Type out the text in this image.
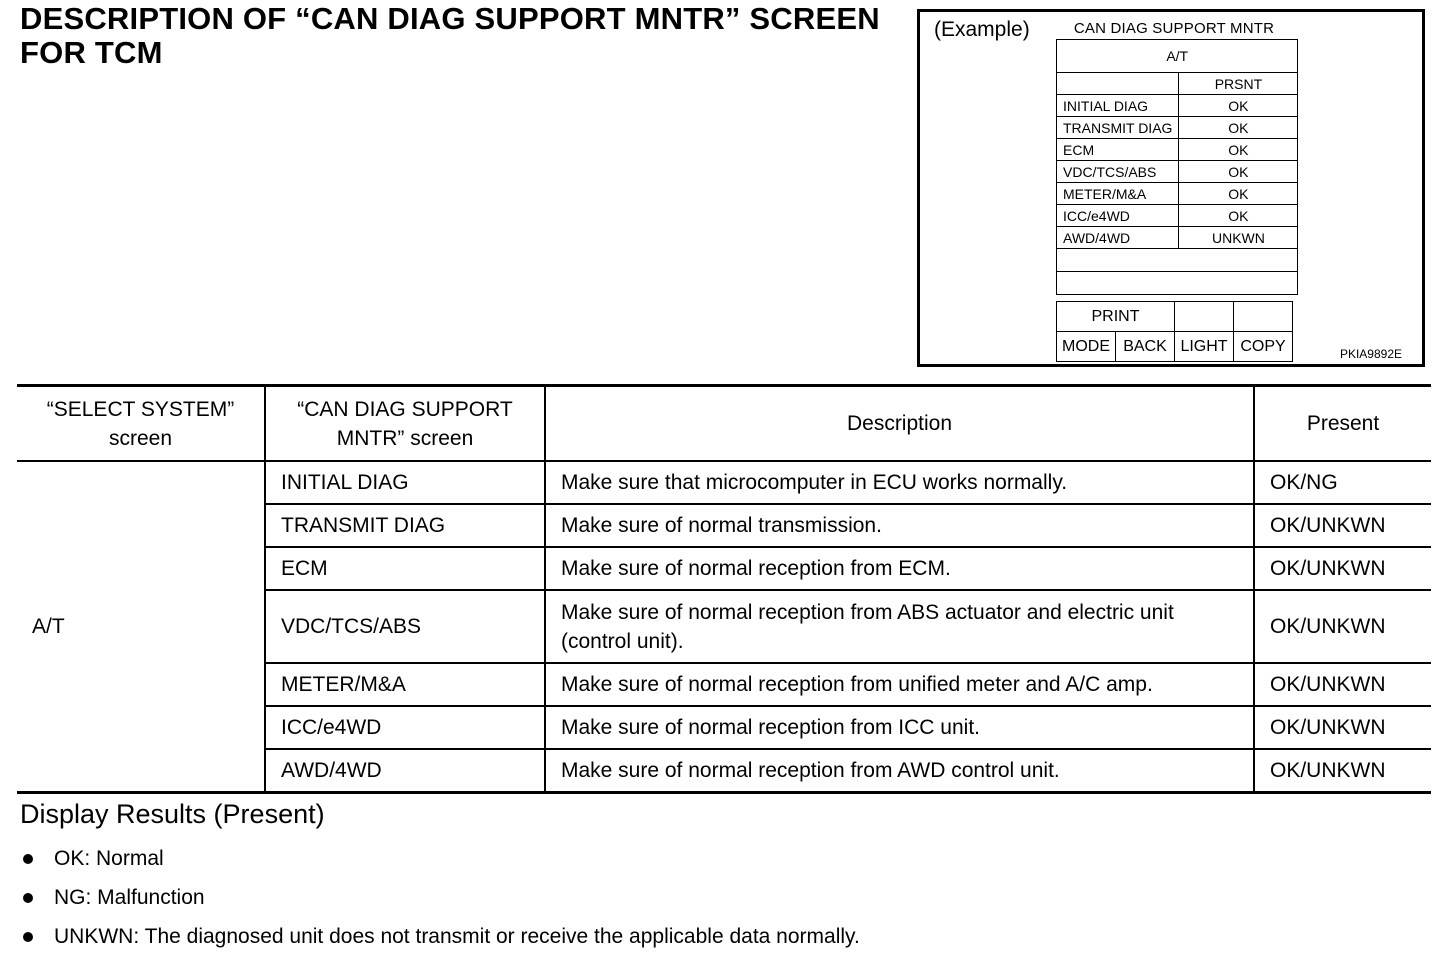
DESCRIPTION OF “CAN DIAG SUPPORT MNTR” SCREEN FOR TCM
(Example)	CAN DIAG SUPPORT MNTR
A/T	
	PRSNT
INITIAL DIAG	OK
TRANSMIT DIAG	OK
ECM	OK
VDC/TCS/ABS	OK
METER/M&A	OK
ICC/e4WD	OK
AWD/4WD	UNKWN

PRINT			
MODE	BACK	LIGHT	COPY	PKIA9892E
“SELECT SYSTEM” screen	“CAN DIAG SUPPORT MNTR” screen	Description	Present
A/T	INITIAL DIAG	Make sure that microcomputer in ECU works normally.	OK/NG
	TRANSMIT DIAG	Make sure of normal transmission.	OK/UNKWN
	ECM	Make sure of normal reception from ECM.	OK/UNKWN
	VDC/TCS/ABS	Make sure of normal reception from ABS actuator and electric unit (control unit).	OK/UNKWN
	METER/M&A	Make sure of normal reception from unified meter and A/C amp.	OK/UNKWN
	ICC/e4WD	Make sure of normal reception from ICC unit.	OK/UNKWN
	AWD/4WD	Make sure of normal reception from AWD control unit.	OK/UNKWN
Display Results (Present)
OK: Normal
NG: Malfunction
UNKWN: The diagnosed unit does not transmit or receive the applicable data normally.
